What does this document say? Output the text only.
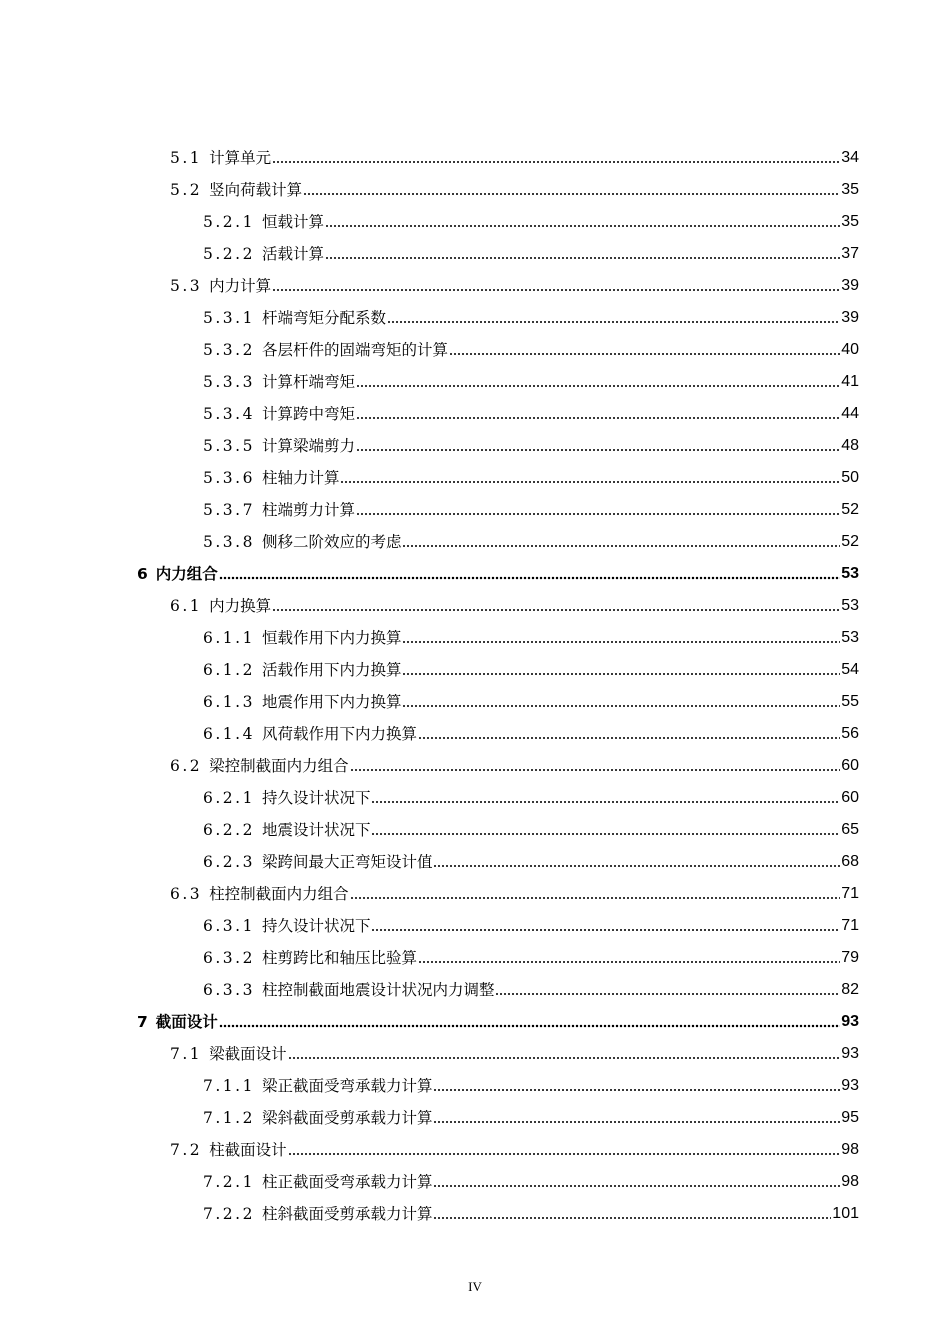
5.1 计算单元	34
5.2 竖向荷载计算	35
5.2.1 恒载计算	35
5.2.2 活载计算	37
5.3 内力计算	39
5.3.1 杆端弯矩分配系数	39
5.3.2 各层杆件的固端弯矩的计算	40
5.3.3 计算杆端弯矩	41
5.3.4 计算跨中弯矩	44
5.3.5 计算梁端剪力	48
5.3.6 柱轴力计算	50
5.3.7 柱端剪力计算	52
5.3.8 侧移二阶效应的考虑	52
6 内力组合	53
6.1 内力换算	53
6.1.1 恒载作用下内力换算	53
6.1.2 活载作用下内力换算	54
6.1.3 地震作用下内力换算	55
6.1.4 风荷载作用下内力换算	56
6.2 梁控制截面内力组合	60
6.2.1 持久设计状况下	60
6.2.2 地震设计状况下	65
6.2.3 梁跨间最大正弯矩设计值	68
6.3 柱控制截面内力组合	71
6.3.1 持久设计状况下	71
6.3.2 柱剪跨比和轴压比验算	79
6.3.3 柱控制截面地震设计状况内力调整	82
7 截面设计	93
7.1 梁截面设计	93
7.1.1 梁正截面受弯承载力计算	93
7.1.2 梁斜截面受剪承载力计算	95
7.2 柱截面设计	98
7.2.1 柱正截面受弯承载力计算	98
7.2.2 柱斜截面受剪承载力计算	101
IV
